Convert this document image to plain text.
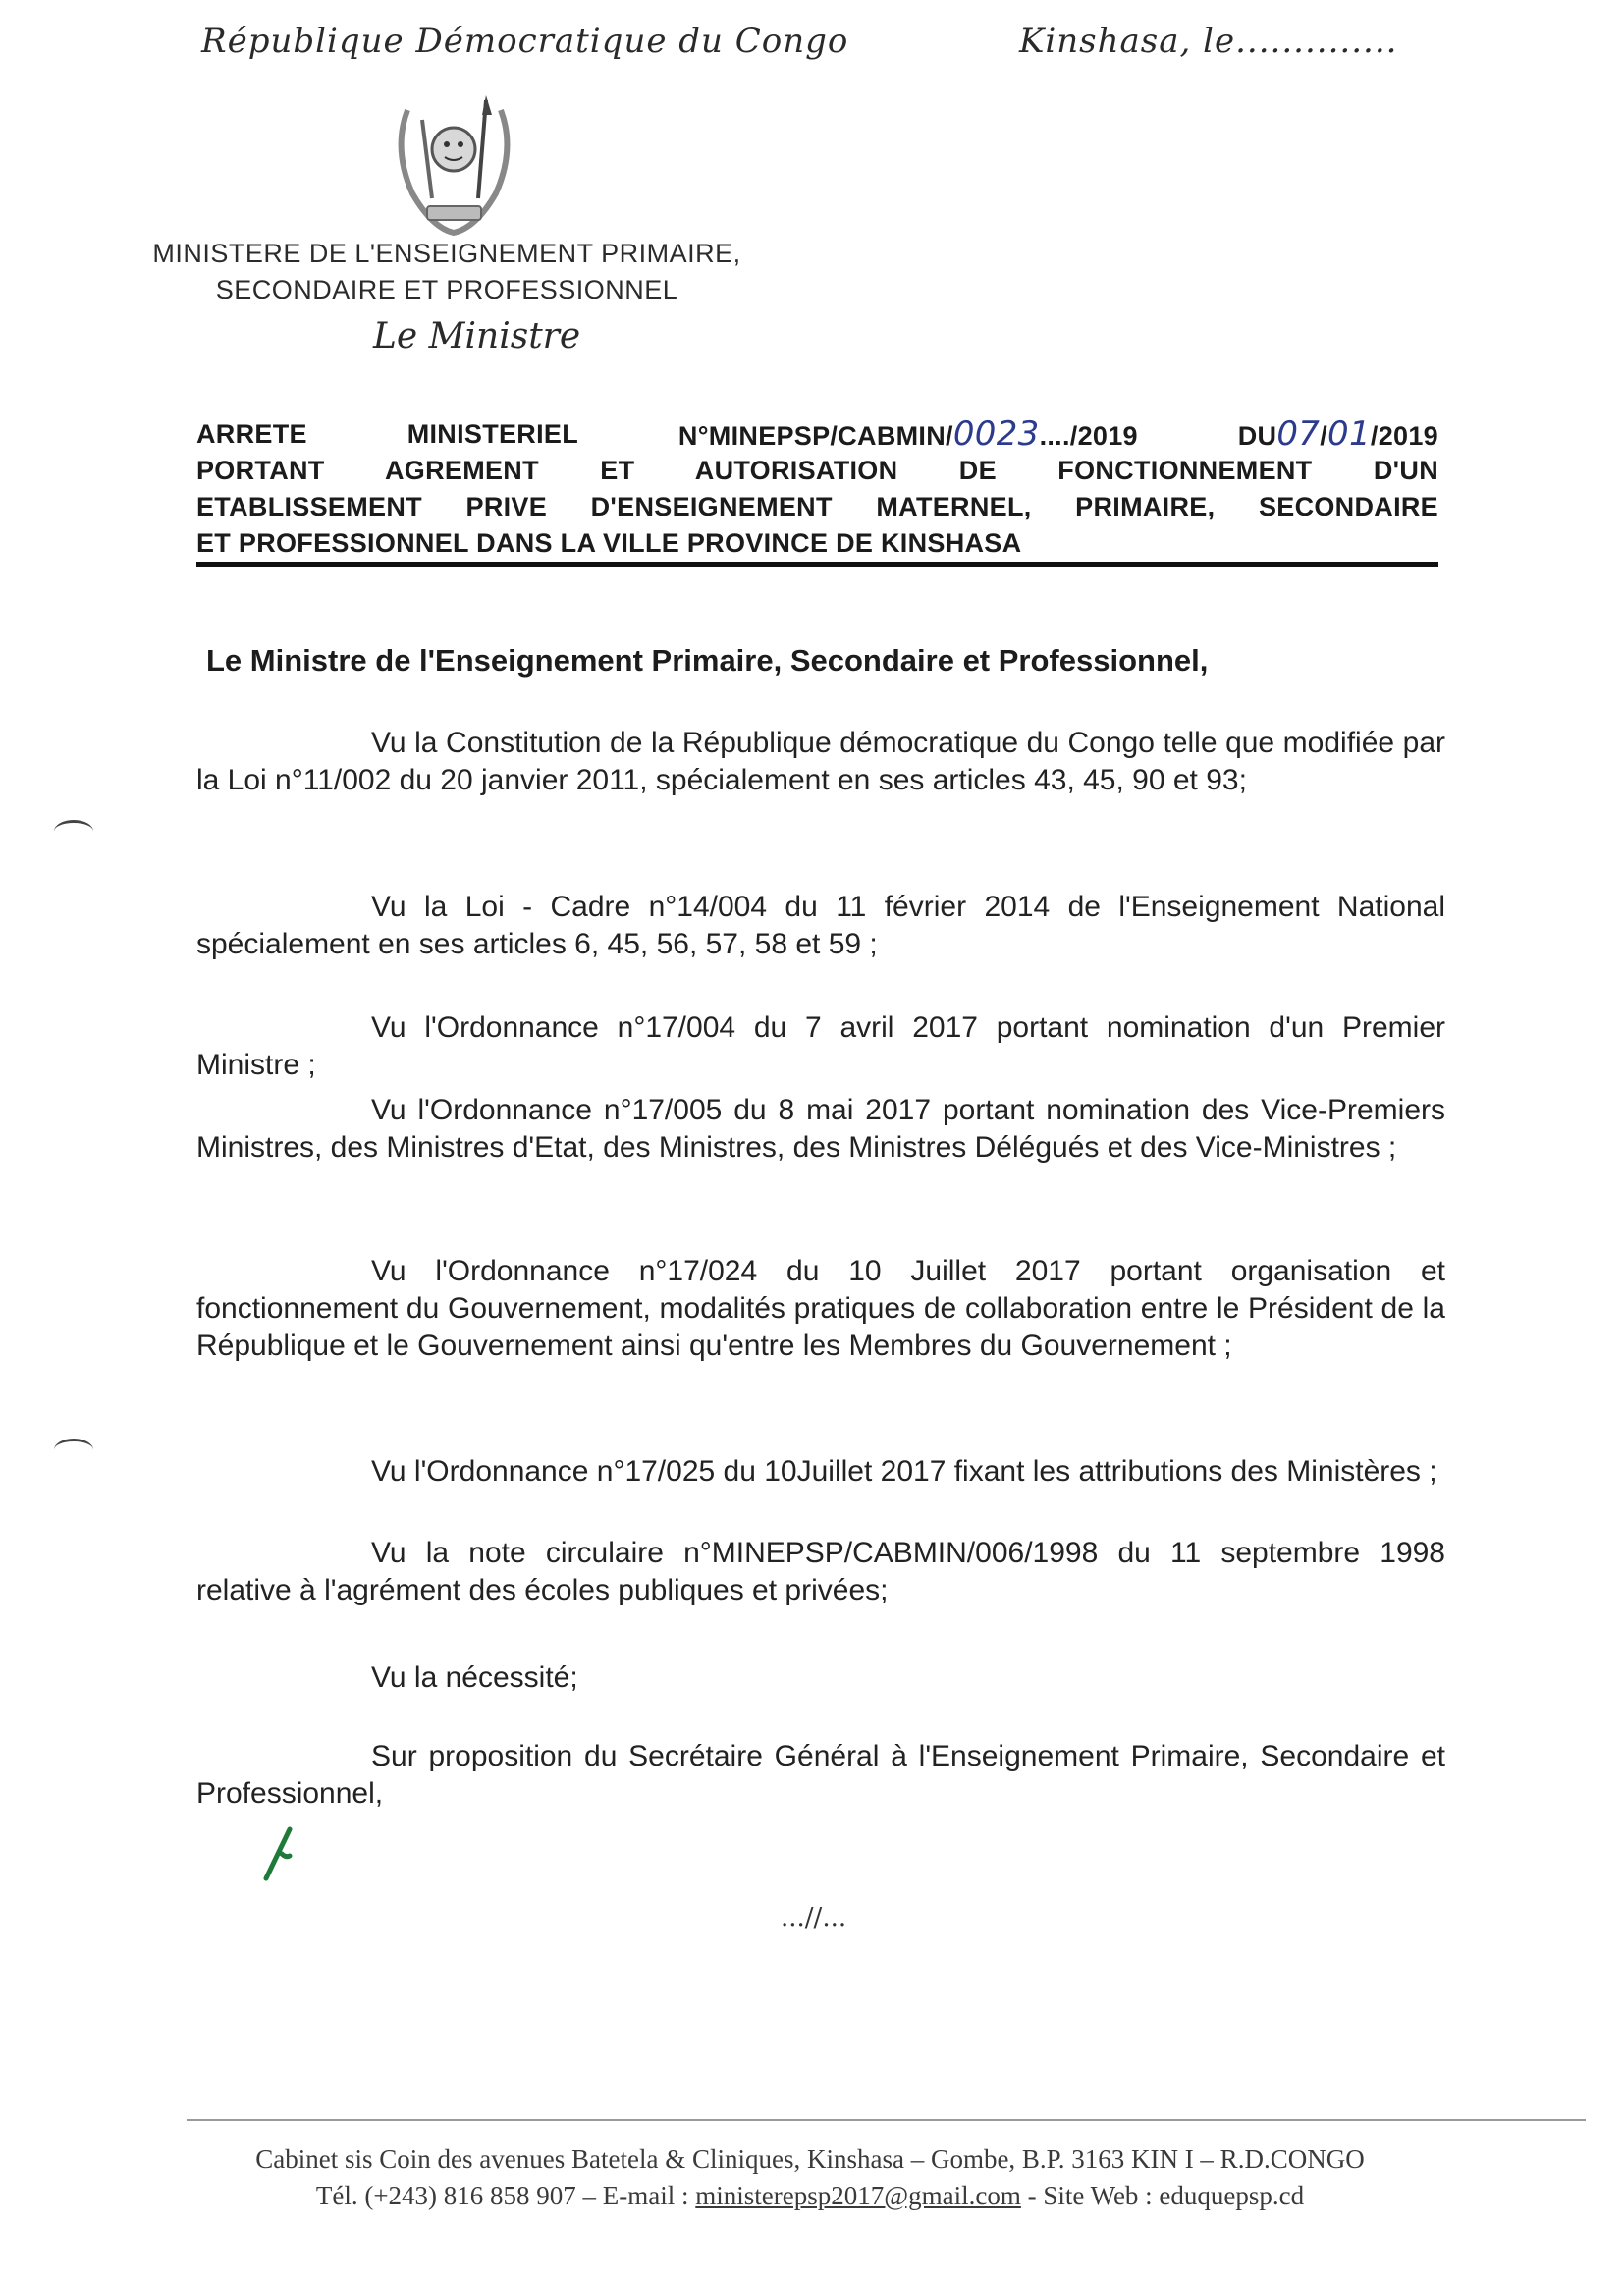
République Démocratique du Congo	Kinshasa, le..............
MINISTERE DE L'ENSEIGNEMENT PRIMAIRE,
SECONDAIRE ET PROFESSIONNEL
Le Ministre
ARRETE	MINISTERIEL	N°MINEPSP/CABMIN/0023..../2019	DU07/01/2019
PORTANT AGREMENT ET AUTORISATION DE FONCTIONNEMENT D'UN
ETABLISSEMENT PRIVE D'ENSEIGNEMENT MATERNEL, PRIMAIRE, SECONDAIRE
ET PROFESSIONNEL DANS LA VILLE PROVINCE DE KINSHASA
Le Ministre de l'Enseignement Primaire, Secondaire et Professionnel,
Vu la Constitution de la République démocratique du Congo telle que modifiée par la Loi n°11/002 du 20 janvier 2011, spécialement en ses articles 43, 45, 90 et 93;
Vu la Loi - Cadre n°14/004 du 11 février 2014 de l'Enseignement National spécialement en ses articles 6, 45, 56, 57, 58 et 59 ;
Vu l'Ordonnance n°17/004 du 7 avril 2017 portant nomination d'un Premier Ministre ;
Vu l'Ordonnance n°17/005 du 8 mai 2017 portant nomination des Vice-Premiers Ministres, des Ministres d'Etat, des Ministres, des Ministres Délégués et des Vice-Ministres ;
Vu l'Ordonnance n°17/024 du 10 Juillet 2017 portant organisation et fonctionnement du Gouvernement, modalités pratiques de collaboration entre le Président de la République et le Gouvernement ainsi qu'entre les Membres du Gouvernement ;
Vu l'Ordonnance n°17/025 du 10Juillet 2017 fixant les attributions des Ministères ;
Vu la note circulaire n°MINEPSP/CABMIN/006/1998 du 11 septembre 1998 relative à l'agrément des écoles publiques et privées;
Vu la nécessité;
Sur proposition du Secrétaire Général à l'Enseignement Primaire, Secondaire et Professionnel,
...//...
Cabinet sis Coin des avenues Batetela & Cliniques, Kinshasa – Gombe, B.P. 3163 KIN I – R.D.CONGO
Tél. (+243) 816 858 907 – E-mail : ministerepsp2017@gmail.com - Site Web : eduquepsp.cd
